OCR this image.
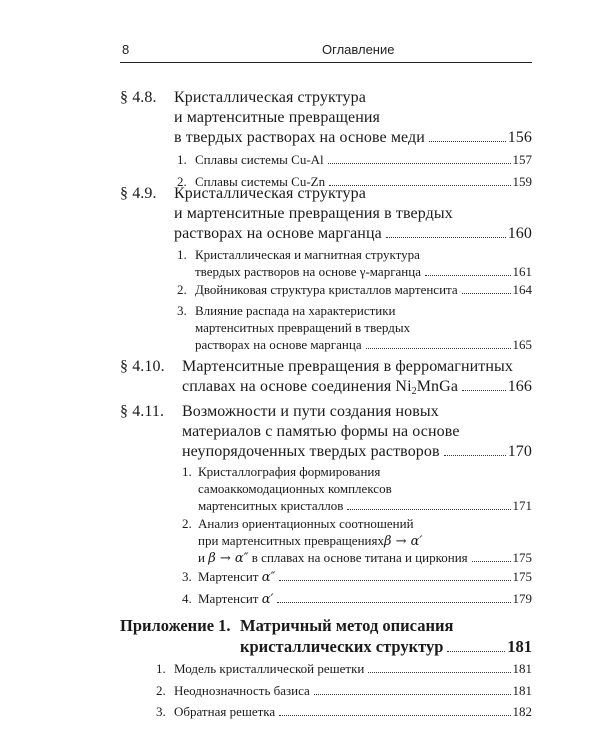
8	Оглавление
§ 4.8. Кристаллическая структура
и мартенситные превращения
в твердых растворах на основе меди	156
1. Сплавы системы Cu-Al	157
2. Сплавы системы Cu-Zn	159
§ 4.9. Кристаллическая структура
и мартенситные превращения в твердых
растворах на основе марганца	160
1. Кристаллическая и магнитная структура
твердых растворов на основе γ-марганца	161
2. Двойниковая структура кристаллов мартенсита	164
3. Влияние распада на характеристики
мартенситных превращений в твердых
растворах на основе марганца	165
§ 4.10. Мартенситные превращения в ферромагнитных
сплавах на основе соединения $Ni_2MnGa$	166
§ 4.11. Возможности и пути создания новых
материалов с памятью формы на основе
неупорядоченных твердых растворов	170
1. Кристаллография формирования
самоаккомодационных комплексов
мартенситных кристаллов	171
2. Анализ ориентационных соотношений
при мартенситных превращениях β → α′
и β → α″ в сплавах на основе титана и циркония	175
3. Мартенсит α″	175
4. Мартенсит α′	179
Приложение 1. Матричный метод описания
кристаллических структур	181
1. Модель кристаллической решетки	181
2. Неоднозначность базиса	181
3. Обратная решетка	182
